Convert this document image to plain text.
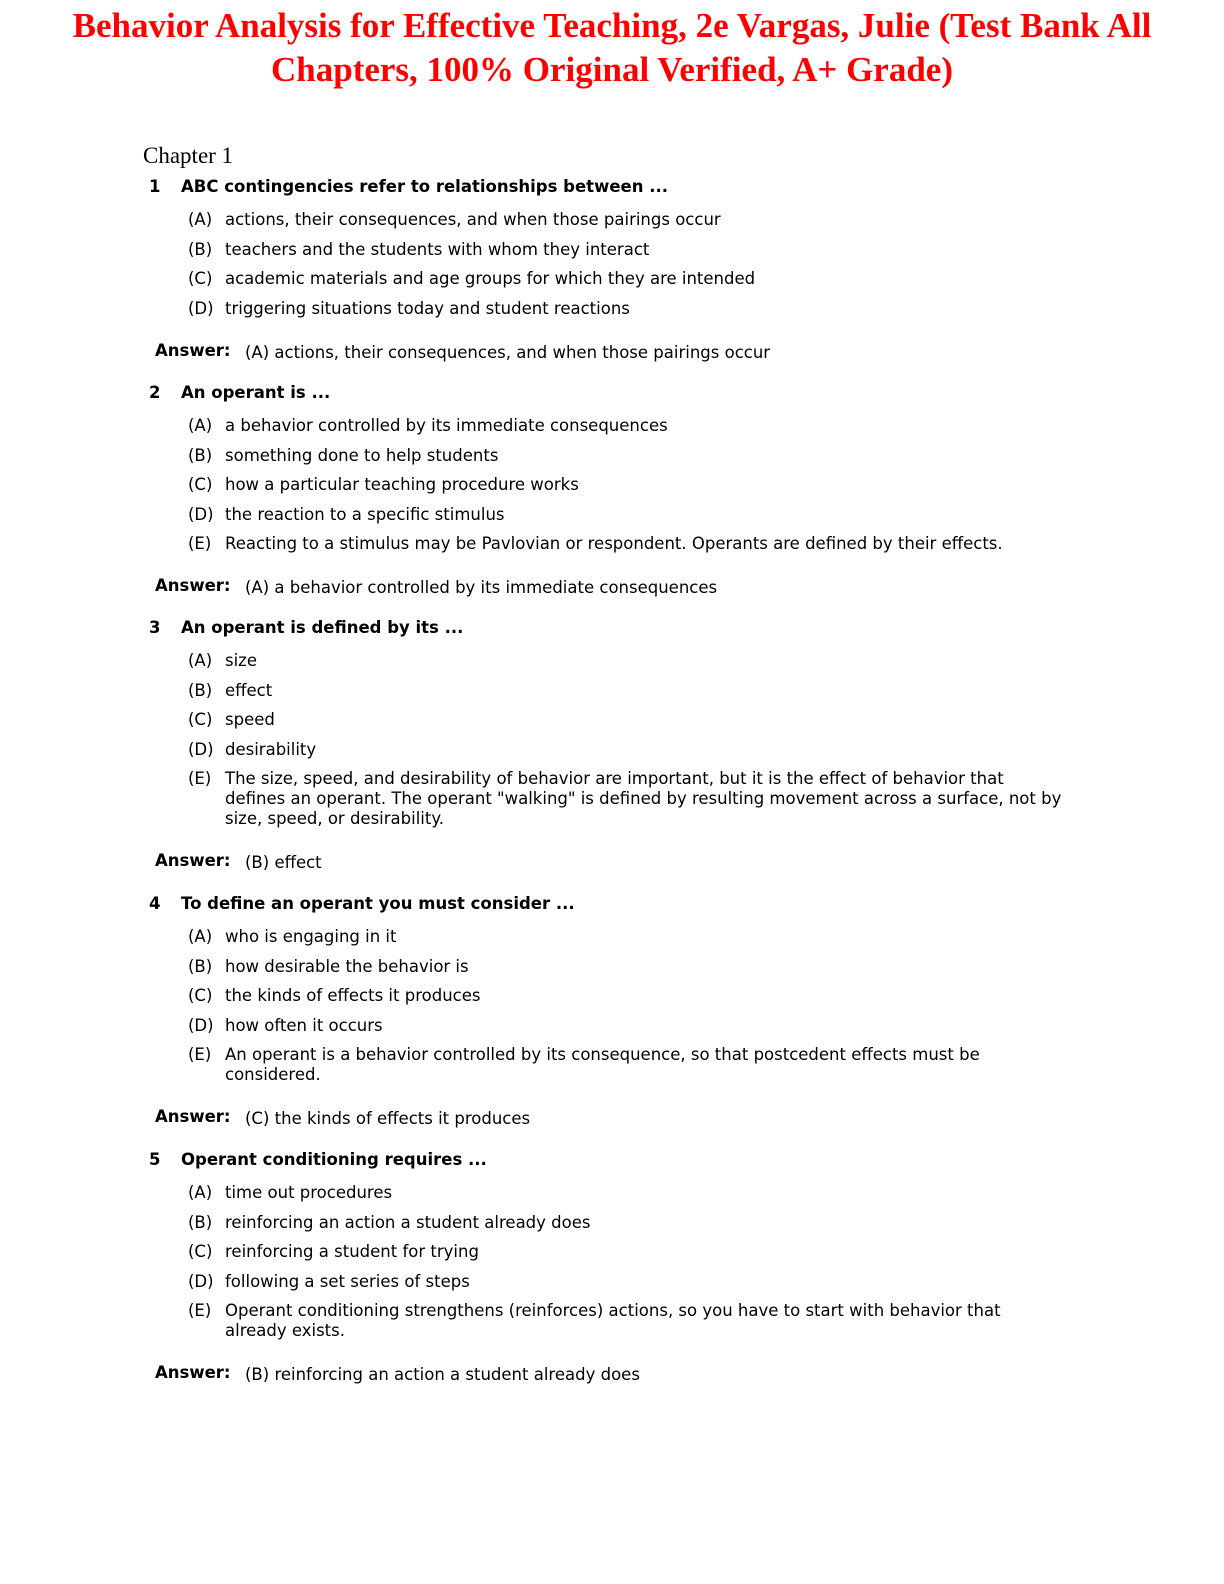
Behavior Analysis for Effective Teaching, 2e Vargas, Julie (Test Bank All Chapters, 100% Original Verified, A+ Grade)
Chapter 1
1 ABC contingencies refer to relationships between ...
(A) actions, their consequences, and when those pairings occur
(B) teachers and the students with whom they interact
(C) academic materials and age groups for which they are intended
(D) triggering situations today and student reactions
Answer: (A) actions, their consequences, and when those pairings occur
2 An operant is ...
(A) a behavior controlled by its immediate consequences
(B) something done to help students
(C) how a particular teaching procedure works
(D) the reaction to a specific stimulus
(E) Reacting to a stimulus may be Pavlovian or respondent. Operants are defined by their effects.
Answer: (A) a behavior controlled by its immediate consequences
3 An operant is defined by its ...
(A) size
(B) effect
(C) speed
(D) desirability
(E) The size, speed, and desirability of behavior are important, but it is the effect of behavior that defines an operant. The operant "walking" is defined by resulting movement across a surface, not by size, speed, or desirability.
Answer: (B) effect
4 To define an operant you must consider ...
(A) who is engaging in it
(B) how desirable the behavior is
(C) the kinds of effects it produces
(D) how often it occurs
(E) An operant is a behavior controlled by its consequence, so that postcedent effects must be considered.
Answer: (C) the kinds of effects it produces
5 Operant conditioning requires ...
(A) time out procedures
(B) reinforcing an action a student already does
(C) reinforcing a student for trying
(D) following a set series of steps
(E) Operant conditioning strengthens (reinforces) actions, so you have to start with behavior that already exists.
Answer: (B) reinforcing an action a student already does
